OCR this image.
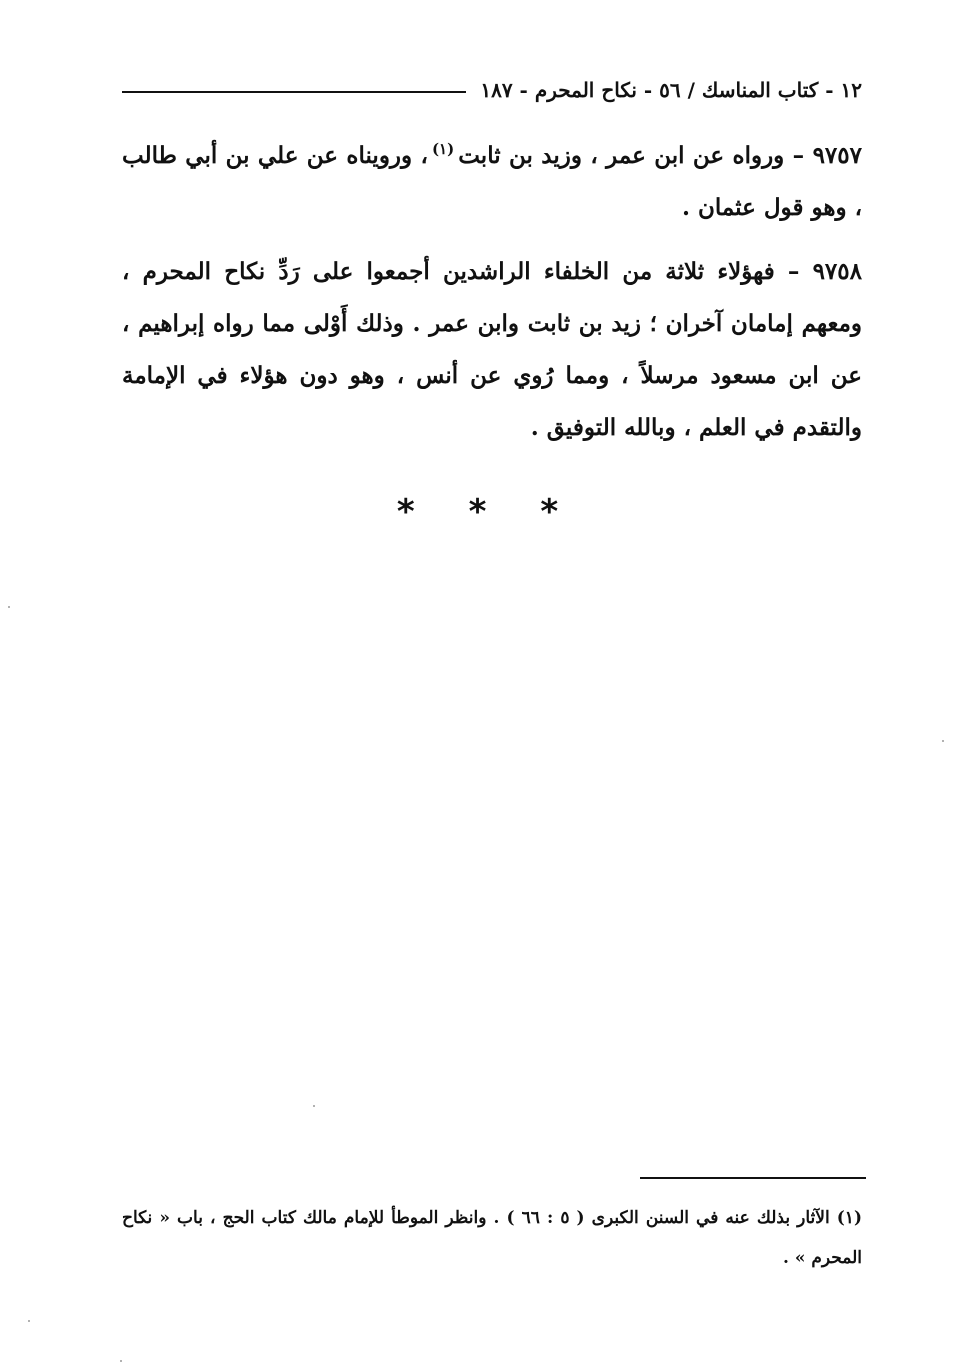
١٢ - كتاب المناسك / ٥٦ - نكاح المحرم - ١٨٧

٩٧٥٧ – ورواه عن ابن عمر ، وزيد بن ثابت$^{(١)}$، ورويناه عن علي بن أبي طالب ، وهو قول عثمان .

٩٧٥٨ – فهؤلاء ثلاثة من الخلفاء الراشدين أجمعوا على رَدِّ نكاح المحرم ، ومعهم إمامان آخران ؛ زيد بن ثابت وابن عمر . وذلك أَوْلى مما رواه إبراهيم ، عن ابن مسعود مرسلاً ، ومما رُوي عن أنس ، وهو دون هؤلاء في الإمامة والتقدم في العلم ، وبالله التوفيق .

* * *

(١) الآثار بذلك عنه في السنن الكبرى ( ٥ : ٦٦ ) . وانظر الموطأ للإمام مالك كتاب الحج ، باب « نكاح المحرم » .
